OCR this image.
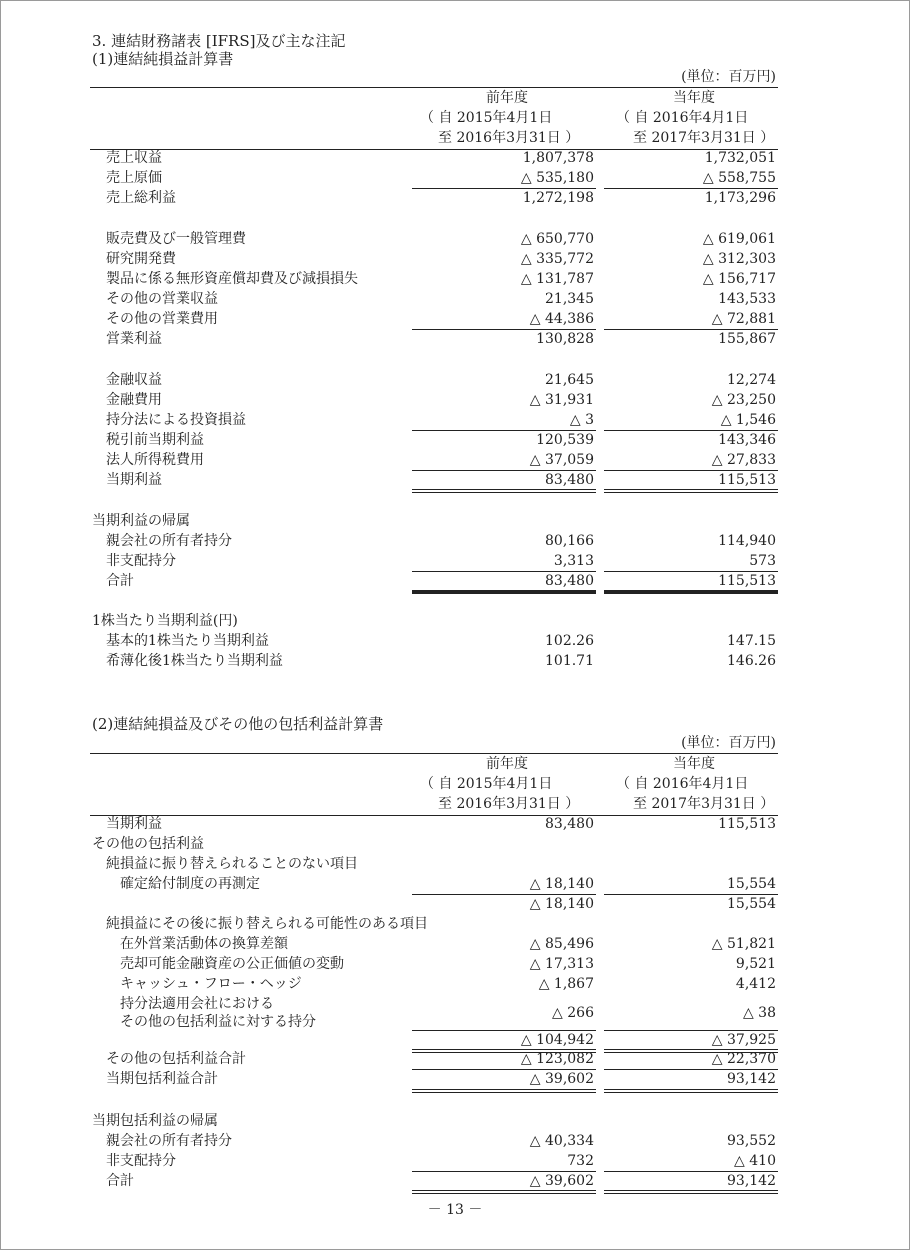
3. 連結財務諸表 [IFRS]及び主な注記
(1)連結純損益計算書
(単位：百万円)
前年度	当年度
（ 自 2015年4月1日	（ 自 2016年4月1日
至 2016年3月31日 ）	至 2017年3月31日 ）
売上収益	1,807,378	1,732,051
売上原価	△ 535,180	△ 558,755
売上総利益	1,272,198	1,173,296
販売費及び一般管理費	△ 650,770	△ 619,061
研究開発費	△ 335,772	△ 312,303
製品に係る無形資産償却費及び減損損失	△ 131,787	△ 156,717
その他の営業収益	21,345	143,533
その他の営業費用	△ 44,386	△ 72,881
営業利益	130,828	155,867
金融収益	21,645	12,274
金融費用	△ 31,931	△ 23,250
持分法による投資損益	△ 3	△ 1,546
税引前当期利益	120,539	143,346
法人所得税費用	△ 37,059	△ 27,833
当期利益	83,480	115,513
当期利益の帰属
親会社の所有者持分	80,166	114,940
非支配持分	3,313	573
合計	83,480	115,513
1株当たり当期利益(円)
基本的1株当たり当期利益	102.26	147.15
希薄化後1株当たり当期利益	101.71	146.26
(2)連結純損益及びその他の包括利益計算書
(単位：百万円)
前年度	当年度
（ 自 2015年4月1日	（ 自 2016年4月1日
至 2016年3月31日 ）	至 2017年3月31日 ）
当期利益	83,480	115,513
その他の包括利益
純損益に振り替えられることのない項目
確定給付制度の再測定	△ 18,140	15,554
△ 18,140	15,554
純損益にその後に振り替えられる可能性のある項目
在外営業活動体の換算差額	△ 85,496	△ 51,821
売却可能金融資産の公正価値の変動	△ 17,313	9,521
キャッシュ・フロー・ヘッジ	△ 1,867	4,412
持分法適用会社における
その他の包括利益に対する持分
△ 266	△ 38
△ 104,942	△ 37,925
その他の包括利益合計	△ 123,082	△ 22,370
当期包括利益合計	△ 39,602	93,142
当期包括利益の帰属
親会社の所有者持分	△ 40,334	93,552
非支配持分	732	△ 410
合計	△ 39,602	93,142
－ 13 －
